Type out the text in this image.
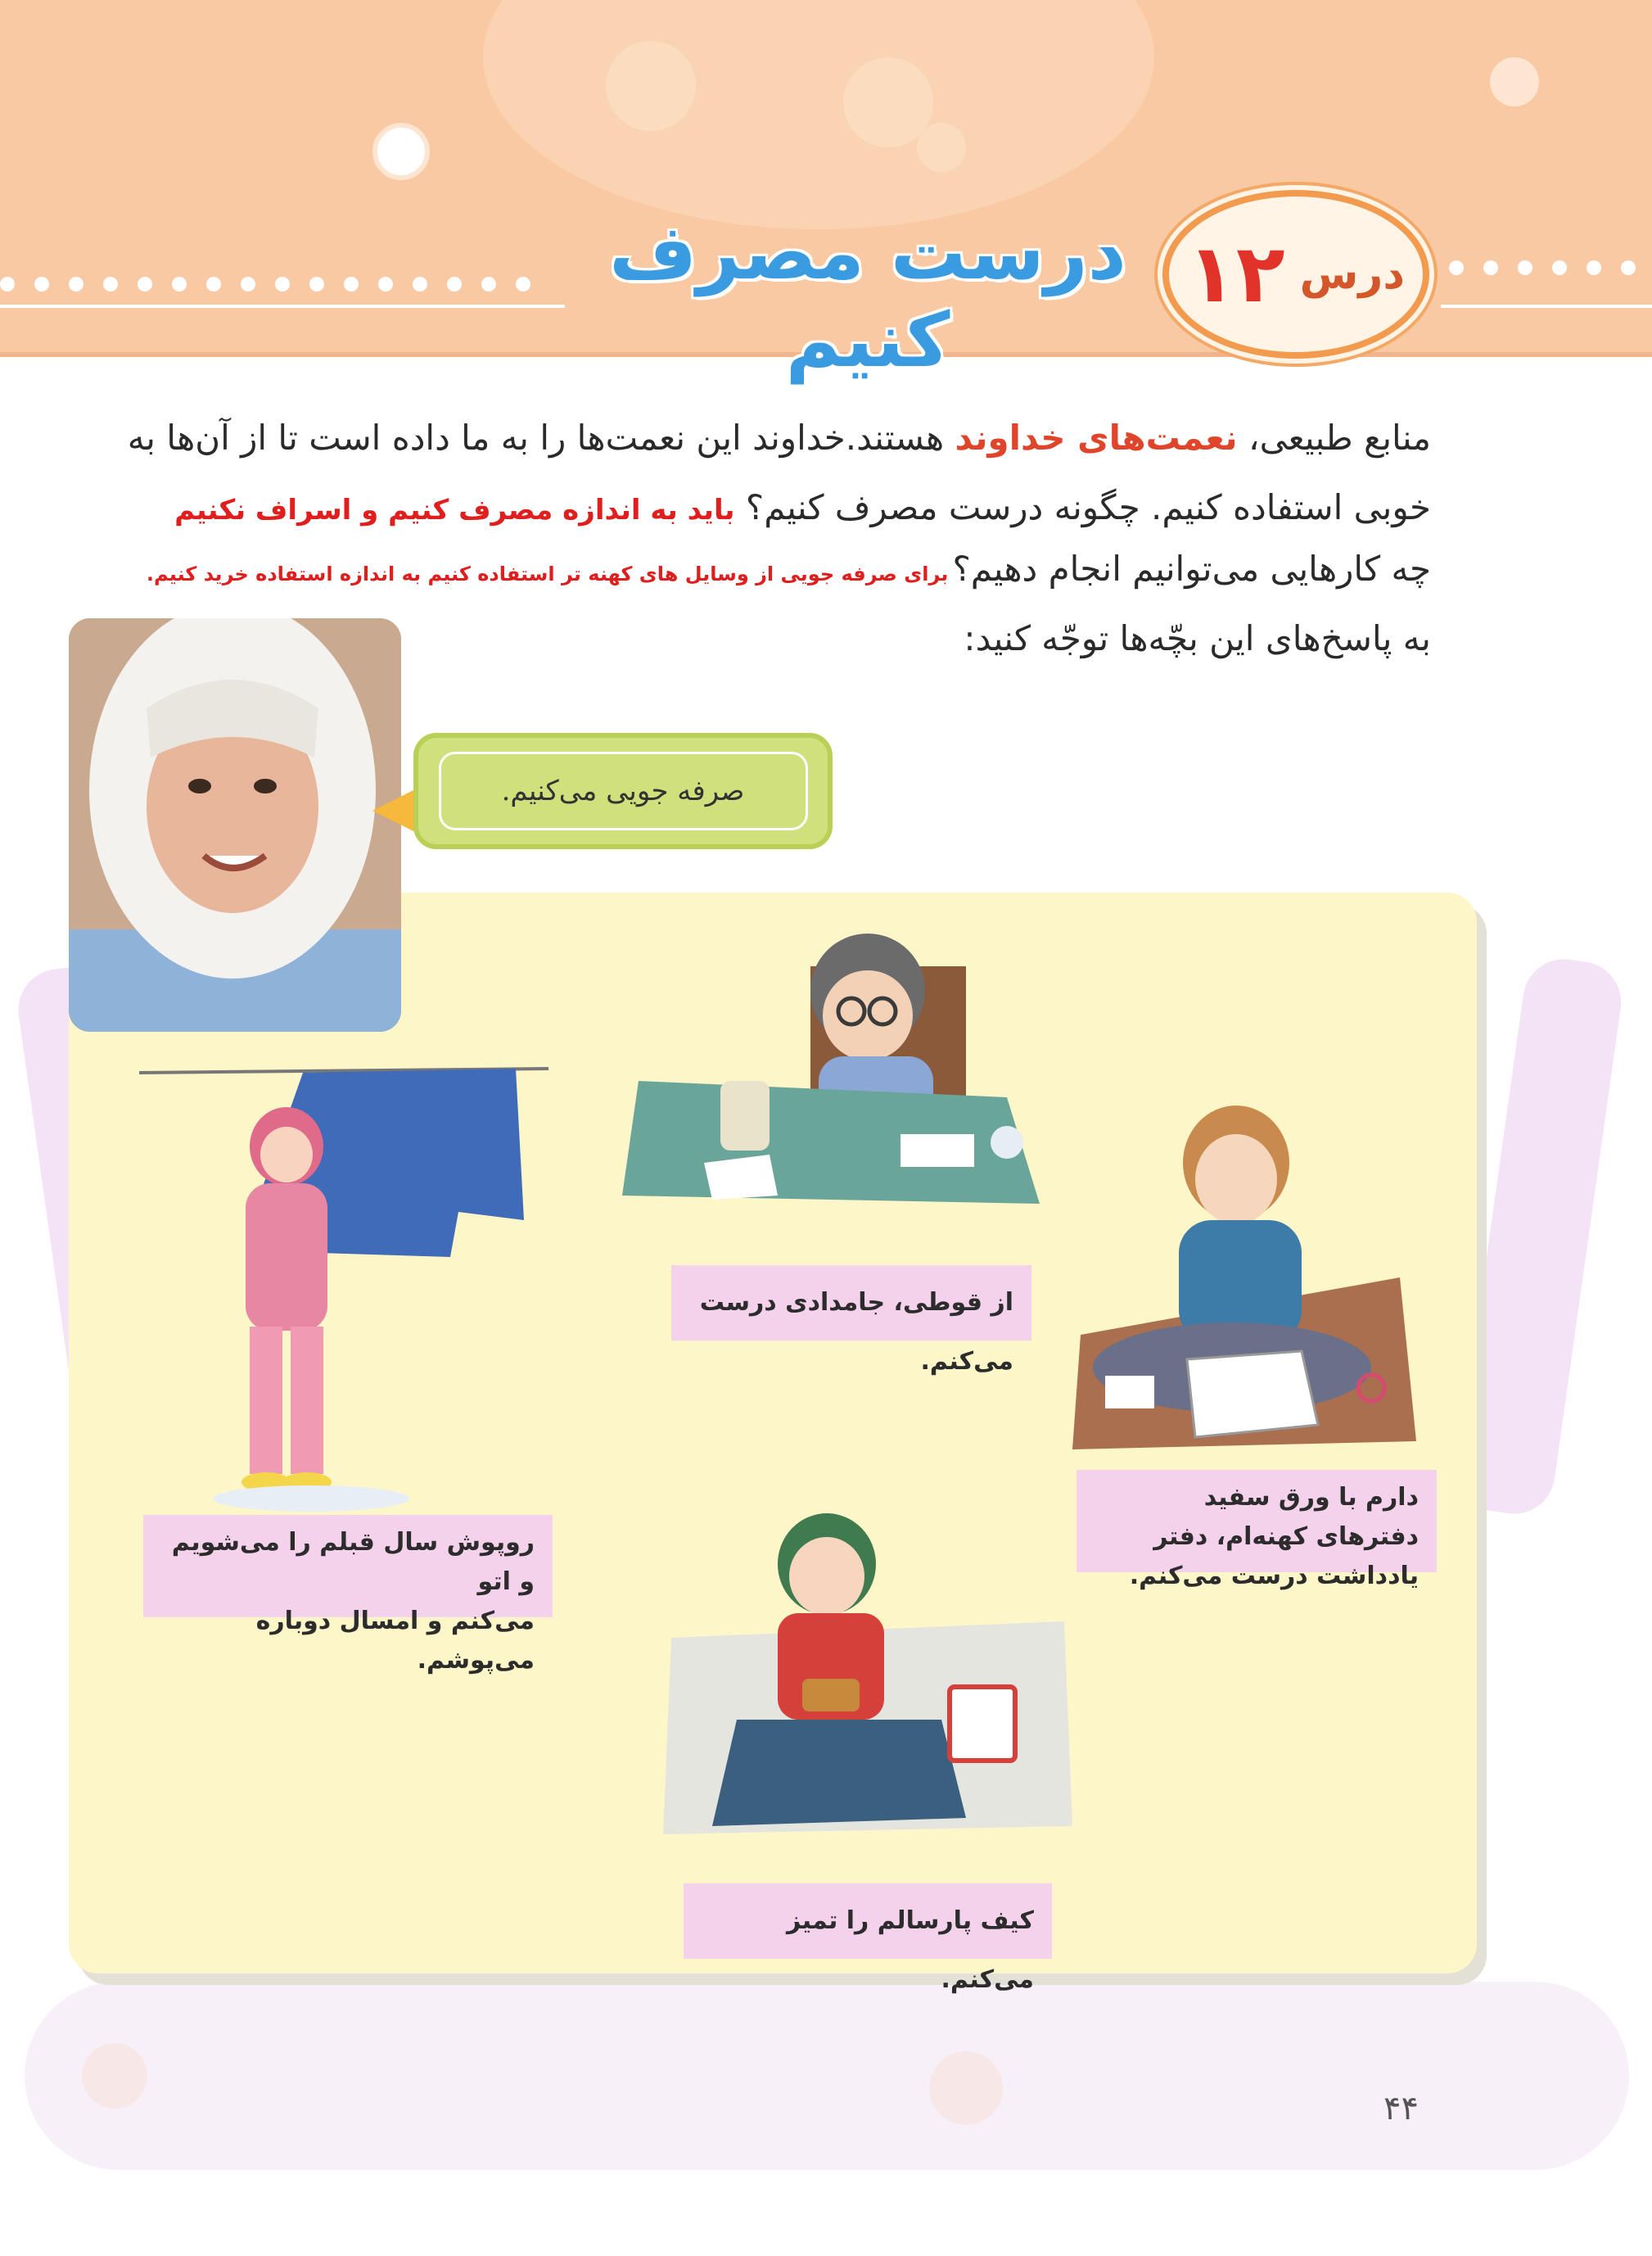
درس
۱۲
درست مصرف کنیم
منابع طبیعی، نعمت‌های خداوند هستند.خداوند این نعمت‌ها را به ما داده است تا از آن‌ها به
خوبی استفاده کنیم. چگونه درست مصرف کنیم؟ باید به اندازه مصرف کنیم و اسراف نکنیم
چه کارهایی می‌توانیم انجام دهیم؟ برای صرفه جویی از وسایل های کهنه تر استفاده کنیم به اندازه استفاده خرید کنیم.
به پاسخ‌های این بچّه‌ها توجّه کنید:
صرفه جویی می‌کنیم.
از قوطی، جامدادی درست می‌کنم.
دارم با ورق سفید دفترهای کهنه‌ام، دفتر
یادداشت درست می‌کنم.
روپوش سال قبلم را می‌شویم و اتو
می‌کنم و امسال دوباره می‌پوشم.
کیف پارسالم را تمیز می‌کنم.
۴۴
